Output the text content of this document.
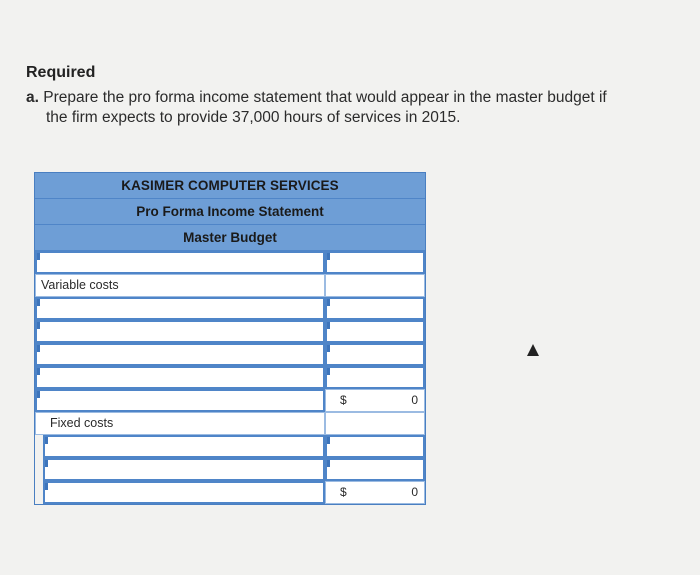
Required
a. Prepare the pro forma income statement that would appear in the master budget if
the firm expects to provide 37,000 hours of services in 2015.
KASIMER COMPUTER SERVICES
Pro Forma Income Statement
Master Budget
Variable costs
$	0
Fixed costs
$	0
